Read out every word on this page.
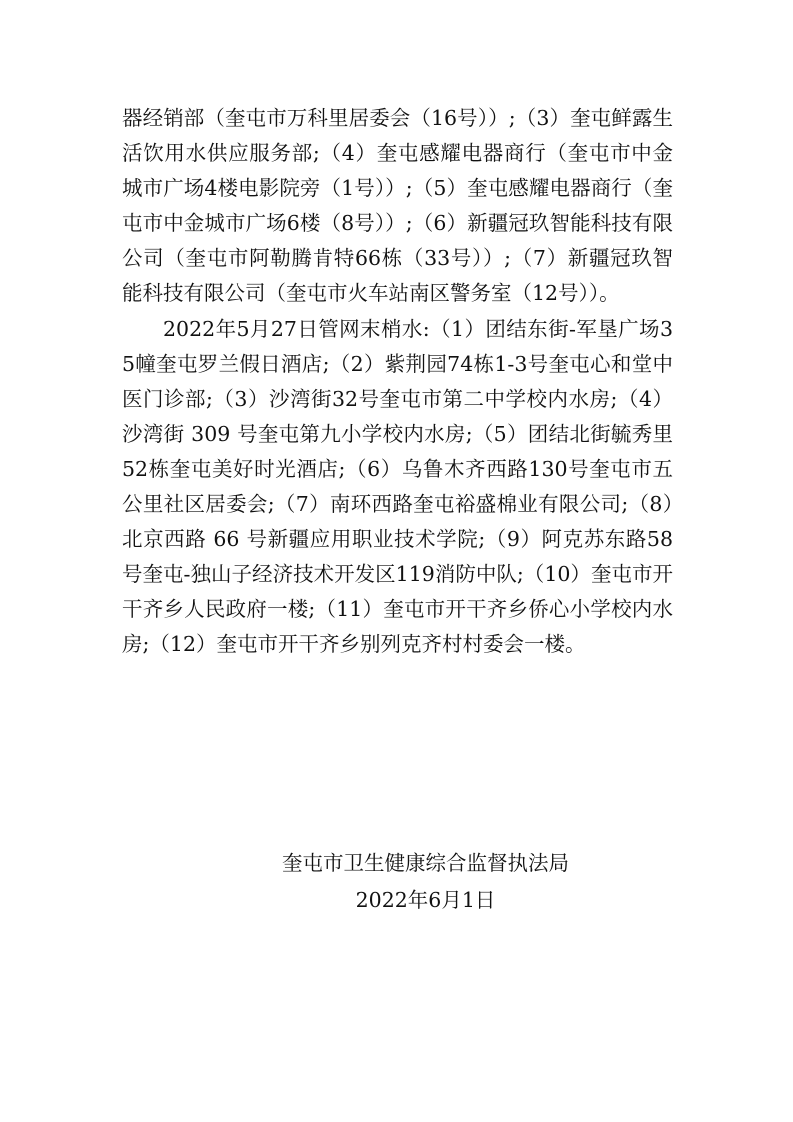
器经销部（奎屯市万科里居委会（16号））;（3）奎屯鲜露生活饮用水供应服务部;（4）奎屯感耀电器商行（奎屯市中金城市广场4楼电影院旁（1号））;（5）奎屯感耀电器商行（奎屯市中金城市广场6楼（8号））;（6）新疆冠玖智能科技有限公司（奎屯市阿勒腾肯特66栋（33号））;（7）新疆冠玖智能科技有限公司（奎屯市火车站南区警务室（12号））。

2022年5月27日管网末梢水:（1）团结东街-军垦广场35幢奎屯罗兰假日酒店;（2）紫荆园74栋1-3号奎屯心和堂中医门诊部;（3）沙湾街32号奎屯市第二中学校内水房;（4）沙湾街 309 号奎屯第九小学校内水房;（5）团结北街毓秀里52栋奎屯美好时光酒店;（6）乌鲁木齐西路130号奎屯市五公里社区居委会;（7）南环西路奎屯裕盛棉业有限公司;（8）北京西路 66 号新疆应用职业技术学院;（9）阿克苏东路58号奎屯-独山子经济技术开发区119消防中队;（10）奎屯市开干齐乡人民政府一楼;（11）奎屯市开干齐乡侨心小学校内水房;（12）奎屯市开干齐乡别列克齐村村委会一楼。

奎屯市卫生健康综合监督执法局
2022年6月1日
